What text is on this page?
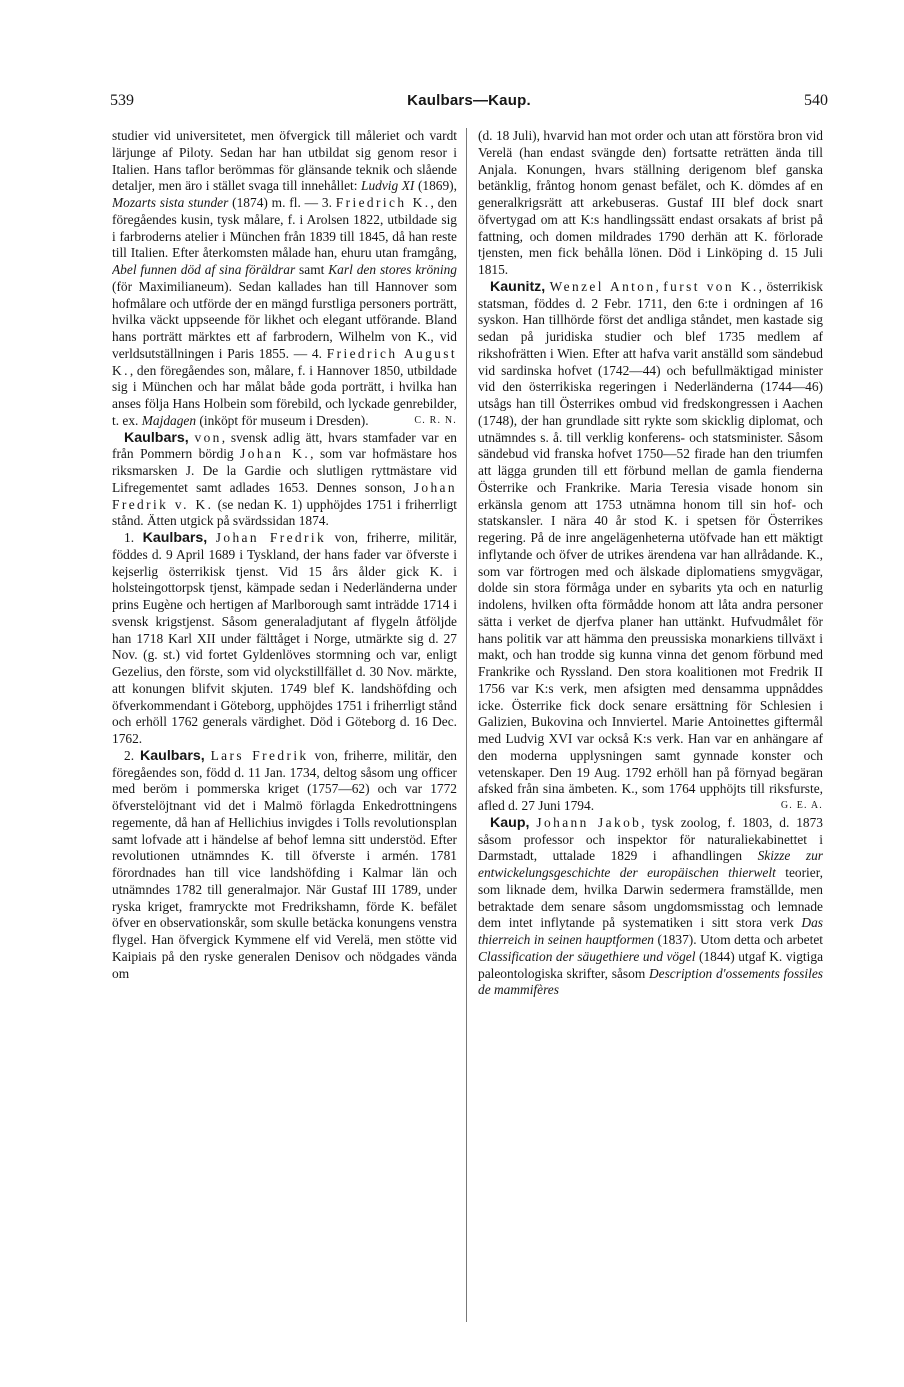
539	Kaulbars—Kaup.	540

studier vid universitetet, men öfvergick till måleriet och vardt lärjunge af Piloty. Sedan har han utbildat sig genom resor i Italien. Hans taflor berömmas för glänsande teknik och slående detaljer, men äro i stället svaga till innehållet: Ludvig XI (1869), Mozarts sista stunder (1874) m. fl. — 3. Friedrich K., den föregåendes kusin, tysk målare, f. i Arolsen 1822, utbildade sig i farbroderns atelier i München från 1839 till 1845, då han reste till Italien. Efter återkomsten målade han, ehuru utan framgång, Abel funnen död af sina föräldrar samt Karl den stores kröning (för Maximilianeum). Sedan kallades han till Hannover som hofmålare och utförde der en mängd furstliga personers porträtt, hvilka väckt uppseende för likhet och elegant utförande. Bland hans porträtt märktes ett af farbrodern, Wilhelm von K., vid verldsutställningen i Paris 1855. — 4. Friedrich August K., den föregåendes son, målare, f. i Hannover 1850, utbildade sig i München och har målat både goda porträtt, i hvilka han anses följa Hans Holbein som förebild, och lyckade genrebilder, t. ex. Majdagen (inköpt för museum i Dresden).	C. R. N.

Kaulbars, von, svensk adlig ätt, hvars stamfader var en från Pommern bördig Johan K., som var hofmästare hos riksmarsken J. De la Gardie och slutligen ryttmästare vid Lifregementet samt adlades 1653. Dennes sonson, Johan Fredrik v. K. (se nedan K. 1) upphöjdes 1751 i friherrligt stånd. Ätten utgick på svärdssidan 1874.

1. Kaulbars, Johan Fredrik von, friherre, militär, föddes d. 9 April 1689 i Tyskland, der hans fader var öfverste i kejserlig österrikisk tjenst. Vid 15 års ålder gick K. i holsteingottorpsk tjenst, kämpade sedan i Nederländerna under prins Eugène och hertigen af Marlborough samt inträdde 1714 i svensk krigstjenst. Såsom generaladjutant af flygeln åtföljde han 1718 Karl XII under fälttåget i Norge, utmärkte sig d. 27 Nov. (g. st.) vid fortet Gyldenlöves stormning och var, enligt Gezelius, den förste, som vid olyckstillfället d. 30 Nov. märkte, att konungen blifvit skjuten. 1749 blef K. landshöfding och öfverkommendant i Göteborg, upphöjdes 1751 i friherrligt stånd och erhöll 1762 generals värdighet. Död i Göteborg d. 16 Dec. 1762.

2. Kaulbars, Lars Fredrik von, friherre, militär, den föregåendes son, född d. 11 Jan. 1734, deltog såsom ung officer med beröm i pommerska kriget (1757—62) och var 1772 öfverstelöjtnant vid det i Malmö förlagda Enkedrottningens regemente, då han af Hellichius invigdes i Tolls revolutionsplan samt lofvade att i händelse af behof lemna sitt understöd. Efter revolutionen utnämndes K. till öfverste i armén. 1781 förordnades han till vice landshöfding i Kalmar län och utnämndes 1782 till generalmajor. När Gustaf III 1789, under ryska kriget, framryckte mot Fredrikshamn, förde K. befälet öfver en observationskår, som skulle betäcka konungens venstra flygel. Han öfvergick Kymmene elf vid Verelä, men stötte vid Kaipiais på den ryske generalen Denisov och nödgades vända om

(d. 18 Juli), hvarvid han mot order och utan att förstöra bron vid Verelä (han endast svängde den) fortsatte reträtten ända till Anjala. Konungen, hvars ställning derigenom blef ganska betänklig, fråntog honom genast befälet, och K. dömdes af en generalkrigsrätt att arkebuseras. Gustaf III blef dock snart öfvertygad om att K:s handlingssätt endast orsakats af brist på fattning, och domen mildrades 1790 derhän att K. förlorade tjensten, men fick behålla lönen. Död i Linköping d. 15 Juli 1815.

Kaunitz, Wenzel Anton, furst von K., österrikisk statsman, föddes d. 2 Febr. 1711, den 6:te i ordningen af 16 syskon. Han tillhörde först det andliga ståndet, men kastade sig sedan på juridiska studier och blef 1735 medlem af rikshofrätten i Wien. Efter att hafva varit anställd som sändebud vid sardinska hofvet (1742—44) och befullmäktigad minister vid den österrikiska regeringen i Nederländerna (1744—46) utsågs han till Österrikes ombud vid fredskongressen i Aachen (1748), der han grundlade sitt rykte som skicklig diplomat, och utnämndes s. å. till verklig konferens- och statsminister. Såsom sändebud vid franska hofvet 1750—52 firade han den triumfen att lägga grunden till ett förbund mellan de gamla fienderna Österrike och Frankrike. Maria Teresia visade honom sin erkänsla genom att 1753 utnämna honom till sin hof- och statskansler. I nära 40 år stod K. i spetsen för Österrikes regering. På de inre angelägenheterna utöfvade han ett mäktigt inflytande och öfver de utrikes ärendena var han allrådande. K., som var förtrogen med och älskade diplomatiens smygvägar, dolde sin stora förmåga under en sybarits yta och en naturlig indolens, hvilken ofta förmådde honom att låta andra personer sätta i verket de djerfva planer han uttänkt. Hufvudmålet för hans politik var att hämma den preussiska monarkiens tillväxt i makt, och han trodde sig kunna vinna det genom förbund med Frankrike och Ryssland. Den stora koalitionen mot Fredrik II 1756 var K:s verk, men afsigten med densamma uppnåddes icke. Österrike fick dock senare ersättning för Schlesien i Galizien, Bukovina och Innviertel. Marie Antoinettes giftermål med Ludvig XVI var också K:s verk. Han var en anhängare af den moderna upplysningen samt gynnade konster och vetenskaper. Den 19 Aug. 1792 erhöll han på förnyad begäran afsked från sina ämbeten. K., som 1764 upphöjts till riksfurste, afled d. 27 Juni 1794.	G. E. A.

Kaup, Johann Jakob, tysk zoolog, f. 1803, d. 1873 såsom professor och inspektor för naturaliekabinettet i Darmstadt, uttalade 1829 i afhandlingen Skizze zur entwickelungsgeschichte der europäischen thierwelt teorier, som liknade dem, hvilka Darwin sedermera framställde, men betraktade dem senare såsom ungdomsmisstag och lemnade dem intet inflytande på systematiken i sitt stora verk Das thierreich in seinen hauptformen (1837). Utom detta och arbetet Classification der säugethiere und vögel (1844) utgaf K. vigtiga paleontologiska skrifter, såsom Description d'ossements fossiles de mammifères
